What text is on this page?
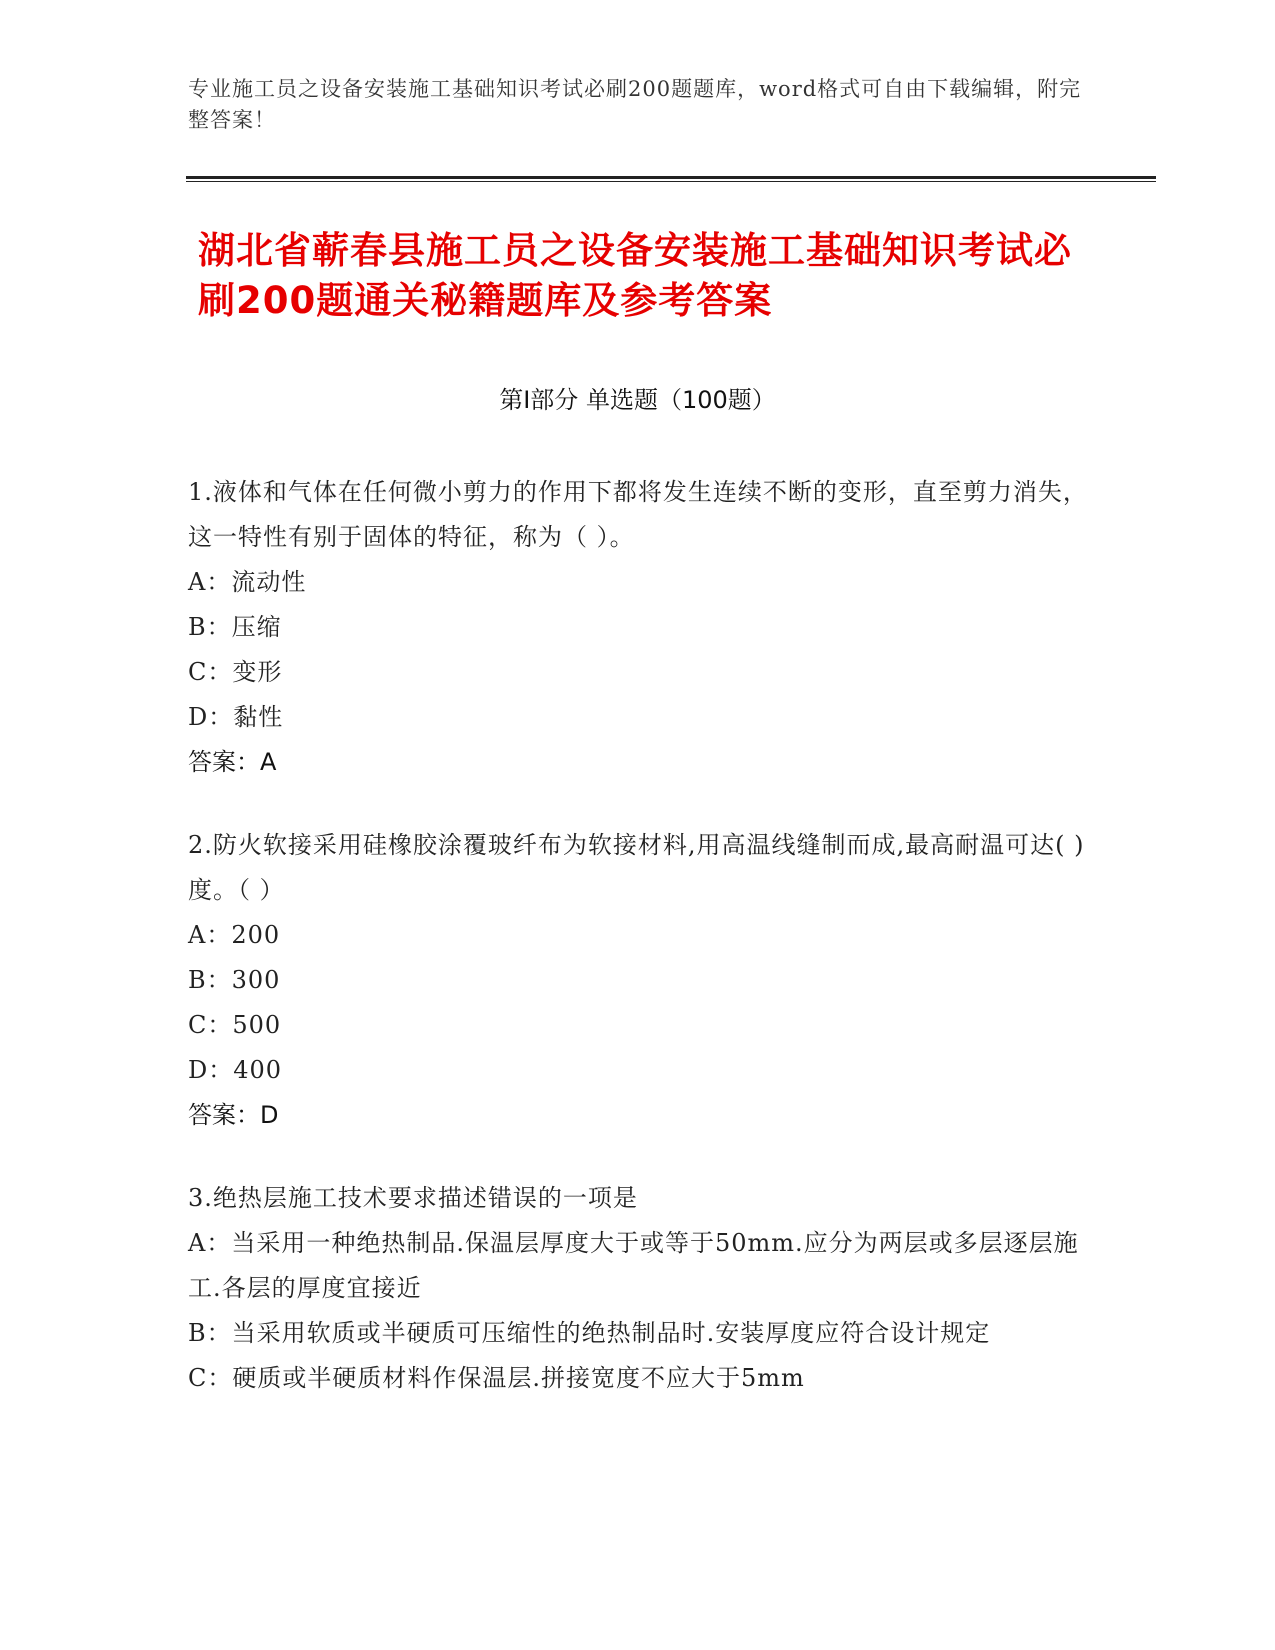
专业施工员之设备安装施工基础知识考试必刷200题题库，word格式可自由下载编辑，附完整答案！
湖北省蕲春县施工员之设备安装施工基础知识考试必刷200题通关秘籍题库及参考答案
第Ⅰ部分 单选题（100题）
1.液体和气体在任何微小剪力的作用下都将发生连续不断的变形，直至剪力消失，这一特性有别于固体的特征，称为（ ）。
A：流动性
B：压缩
C：变形
D：黏性
答案：A
2.防火软接采用硅橡胶涂覆玻纤布为软接材料,用高温线缝制而成,最高耐温可达( )度。（ ）
A：200
B：300
C：500
D：400
答案：D
3.绝热层施工技术要求描述错误的一项是
A：当采用一种绝热制品.保温层厚度大于或等于50mm.应分为两层或多层逐层施工.各层的厚度宜接近
B：当采用软质或半硬质可压缩性的绝热制品时.安装厚度应符合设计规定
C：硬质或半硬质材料作保温层.拼接宽度不应大于5mm
